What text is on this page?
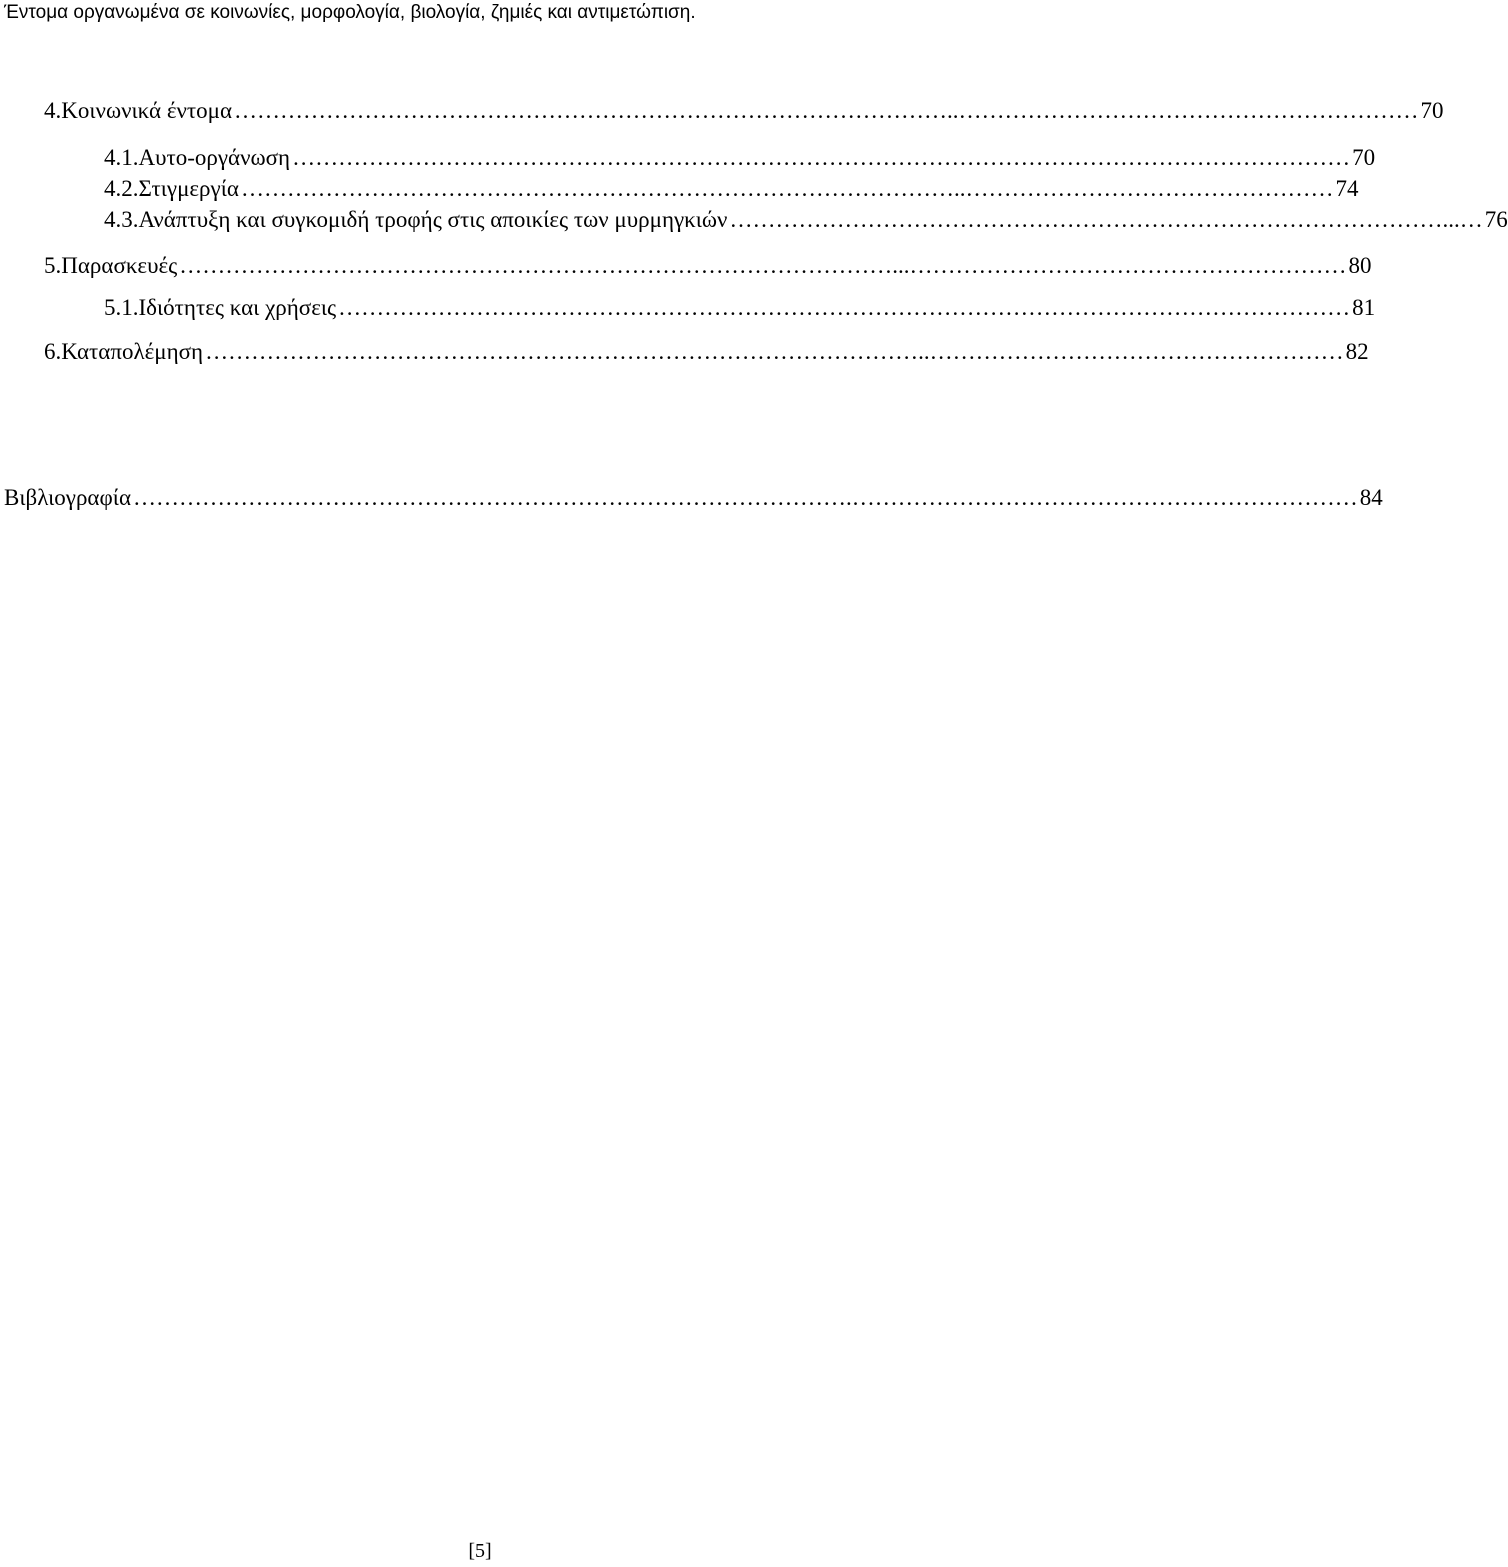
Έντομα οργανωμένα σε κοινωνίες, μορφολογία, βιολογία, ζημιές και αντιμετώπιση.
4. Κοινωνικά έντομα ……………………………………………………..………………………………………………………………………………… 70
4.1. Αυτο-οργάνωση ………………………………………………………………………………………………………………………… 70
4.2. Στιγμεργία …………………………………………..………………………………………………………………………………… 74
4.3. Ανάπτυξη και συγκομιδή τροφής στις αποικίες των μυρμηγκιών …...………………………………………………………………………………… 76
5. Παρασκευές …………………………………………………...………………………………………………………………………………… 80
5.1. Ιδιότητες και χρήσεις …………………………………………………………………………………………………………………… 81
6. Καταπολέμηση ………………………………………………..………………………………………………………………………………… 82
Βιβλιογραφία ………………………………………………………….………………………………………………………………………………… 84
[5]
